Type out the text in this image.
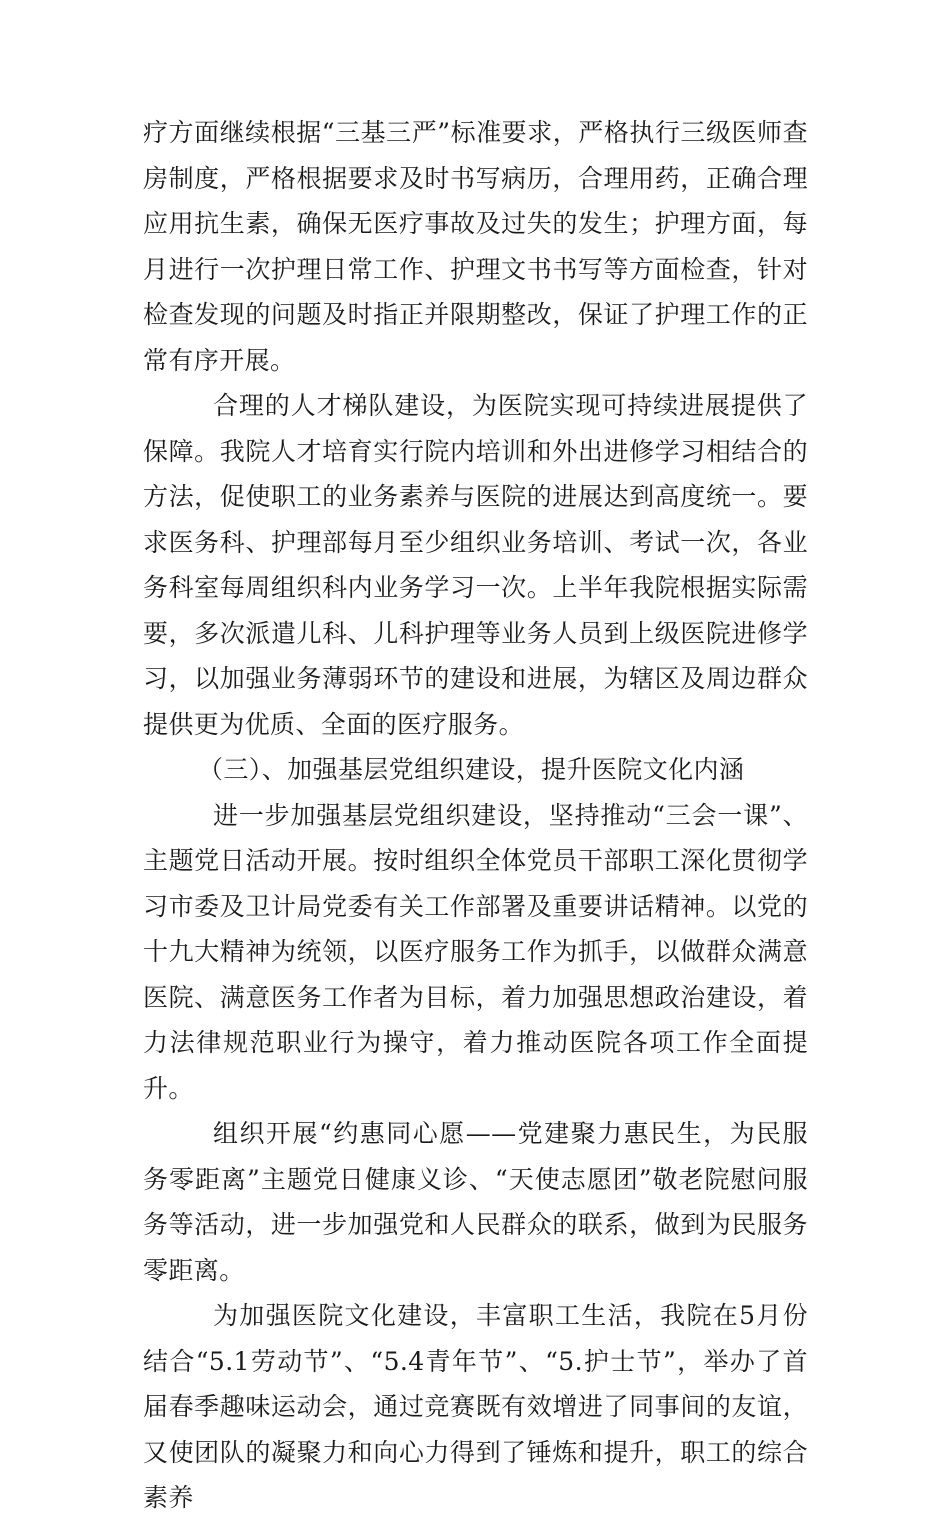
疗方面继续根据“三基三严”标准要求，严格执行三级医师查房制度，严格根据要求及时书写病历，合理用药，正确合理应用抗生素，确保无医疗事故及过失的发生；护理方面，每月进行一次护理日常工作、护理文书书写等方面检查，针对检查发现的问题及时指正并限期整改，保证了护理工作的正常有序开展。

合理的人才梯队建设，为医院实现可持续进展提供了保障。我院人才培育实行院内培训和外出进修学习相结合的方法，促使职工的业务素养与医院的进展达到高度统一。要求医务科、护理部每月至少组织业务培训、考试一次，各业务科室每周组织科内业务学习一次。上半年我院根据实际需要，多次派遣儿科、儿科护理等业务人员到上级医院进修学习，以加强业务薄弱环节的建设和进展，为辖区及周边群众提供更为优质、全面的医疗服务。

（三）、加强基层党组织建设，提升医院文化内涵

进一步加强基层党组织建设，坚持推动“三会一课”、主题党日活动开展。按时组织全体党员干部职工深化贯彻学习市委及卫计局党委有关工作部署及重要讲话精神。以党的十九大精神为统领，以医疗服务工作为抓手，以做群众满意医院、满意医务工作者为目标，着力加强思想政治建设，着力法律规范职业行为操守，着力推动医院各项工作全面提升。

组织开展“约惠同心愿——党建聚力惠民生，为民服务零距离”主题党日健康义诊、“天使志愿团”敬老院慰问服务等活动，进一步加强党和人民群众的联系，做到为民服务零距离。

为加强医院文化建设，丰富职工生活，我院在5月份结合“5.1劳动节”、“5.4青年节”、“5.护士节”，举办了首届春季趣味运动会，通过竞赛既有效增进了同事间的友谊，又使团队的凝聚力和向心力得到了锤炼和提升，职工的综合素养
